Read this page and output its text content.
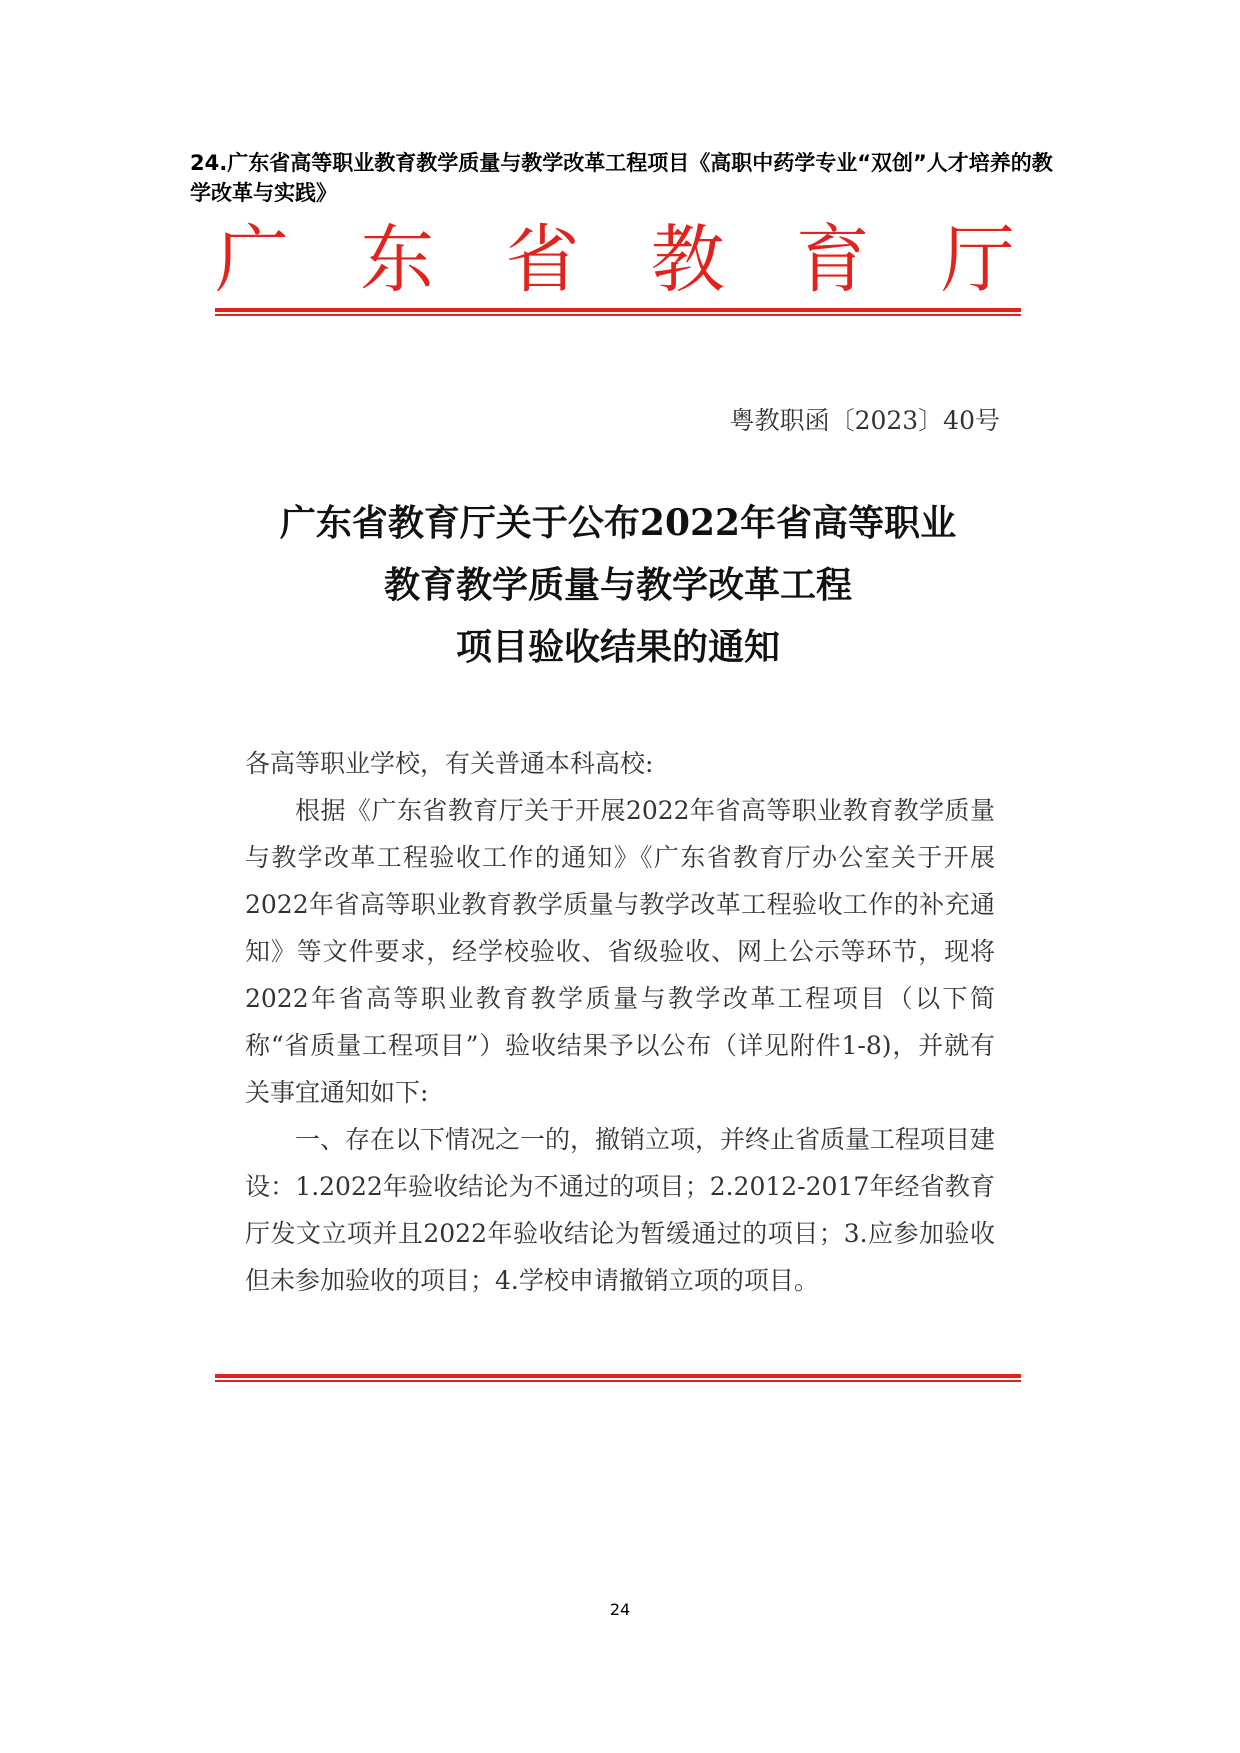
24.广东省高等职业教育教学质量与教学改革工程项目《高职中药学专业“双创”人才培养的教学改革与实践》
广 东 省 教 育 厅
粤教职函〔2023〕40号
广东省教育厅关于公布2022年省高等职业
教育教学质量与教学改革工程
项目验收结果的通知
各高等职业学校，有关普通本科高校:

根据《广东省教育厅关于开展2022年省高等职业教育教学质量与教学改革工程验收工作的通知》《广东省教育厅办公室关于开展2022年省高等职业教育教学质量与教学改革工程验收工作的补充通知》等文件要求，经学校验收、省级验收、网上公示等环节，现将2022年省高等职业教育教学质量与教学改革工程项目（以下简称“省质量工程项目”）验收结果予以公布（详见附件1-8)，并就有关事宜通知如下:

一、存在以下情况之一的，撤销立项，并终止省质量工程项目建设：1.2022年验收结论为不通过的项目；2.2012-2017年经省教育厅发文立项并且2022年验收结论为暂缓通过的项目；3.应参加验收但未参加验收的项目；4.学校申请撤销立项的项目。

24
